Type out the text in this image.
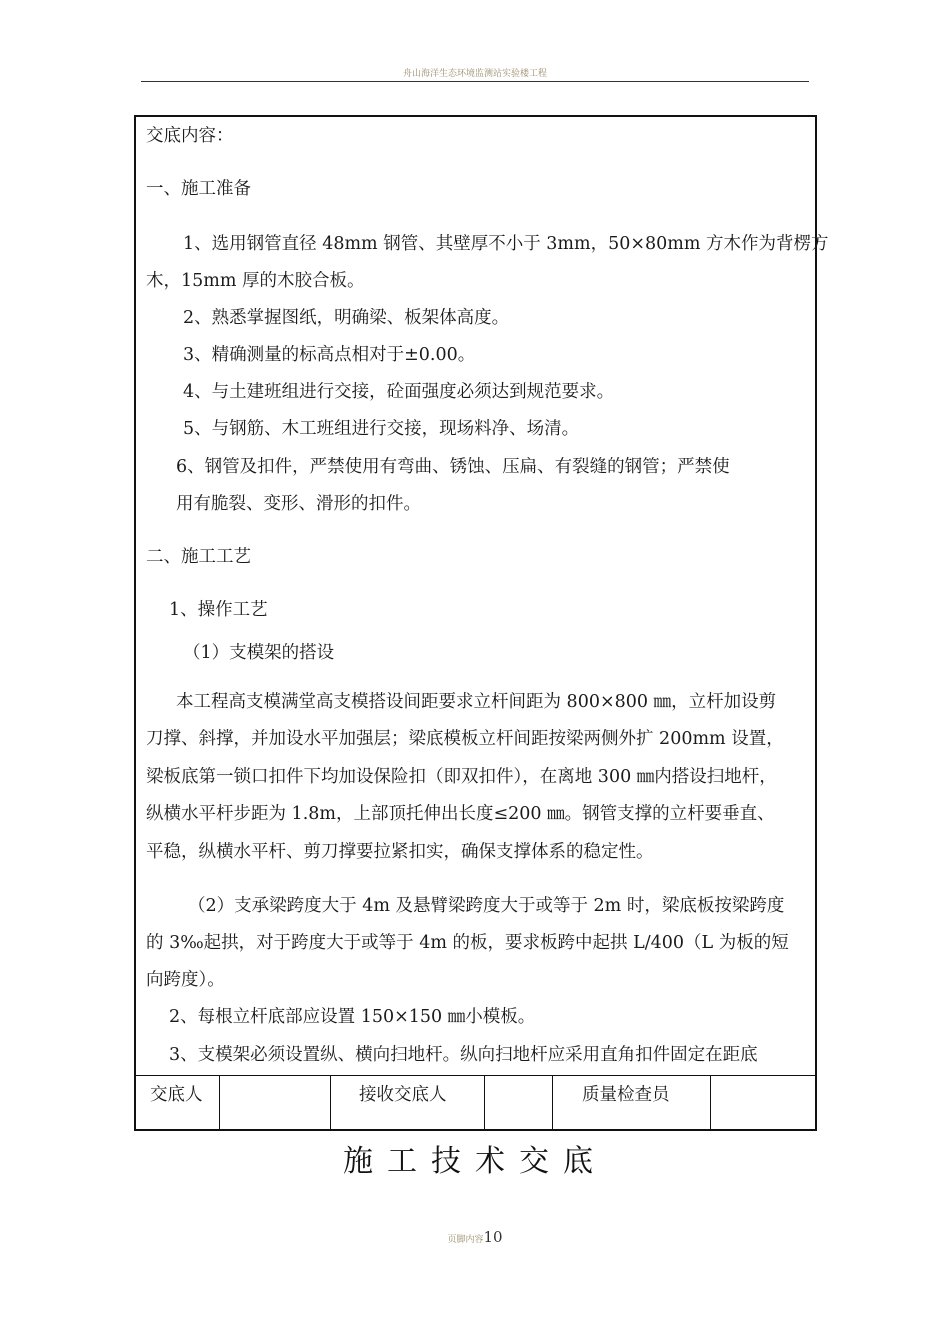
舟山海洋生态环境监测站实验楼工程
交底内容：
一、施工准备
1、选用钢管直径 48mm 钢管、其壁厚不小于 3mm，50×80mm 方木作为背楞方
木，15mm 厚的木胶合板。
2、熟悉掌握图纸，明确梁、板架体高度。
3、精确测量的标高点相对于±0.00。
4、与土建班组进行交接，砼面强度必须达到规范要求。
5、与钢筋、木工班组进行交接，现场料净、场清。
6、钢管及扣件，严禁使用有弯曲、锈蚀、压扁、有裂缝的钢管；严禁使
用有脆裂、变形、滑形的扣件。
二、施工工艺
1、操作工艺
（1）支模架的搭设
本工程高支模满堂高支模搭设间距要求立杆间距为 800×800 ㎜，立杆加设剪
刀撑、斜撑，并加设水平加强层；梁底模板立杆间距按梁两侧外扩 200mm 设置，
梁板底第一锁口扣件下均加设保险扣（即双扣件），在离地 300 ㎜内搭设扫地杆，
纵横水平杆步距为 1.8m，上部顶托伸出长度≤200 ㎜。钢管支撑的立杆要垂直、
平稳，纵横水平杆、剪刀撑要拉紧扣实，确保支撑体系的稳定性。
（2）支承梁跨度大于 4m 及悬臂梁跨度大于或等于 2m 时，梁底板按梁跨度
的 3‰起拱，对于跨度大于或等于 4m 的板，要求板跨中起拱 L/400（L 为板的短
向跨度）。
2、每根立杆底部应设置 150×150 ㎜小模板。
3、支模架必须设置纵、横向扫地杆。纵向扫地杆应采用直角扣件固定在距底
交底人	接收交底人	质量检查员
施工技术交底
页脚内容10
